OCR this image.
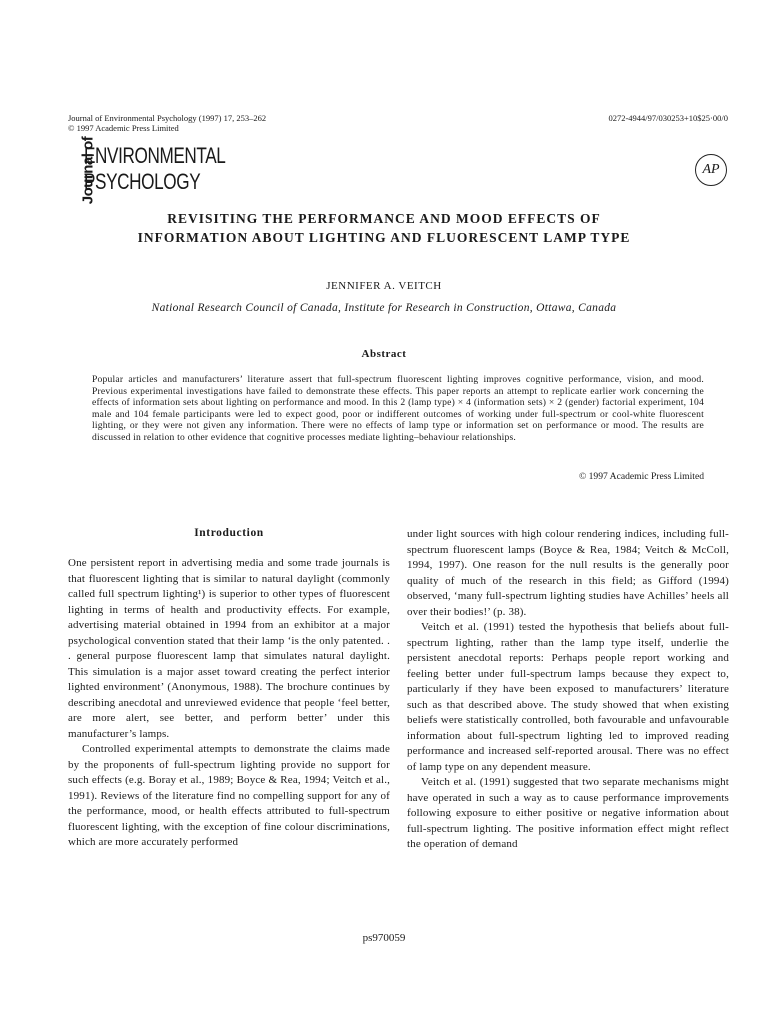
Journal of Environmental Psychology (1997) 17, 253–262
© 1997 Academic Press Limited
0272-4944/97/030253+10$25·00/0
Journal of
ENVIRONMENTAL
PSYCHOLOGY	AP
REVISITING THE PERFORMANCE AND MOOD EFFECTS OF
INFORMATION ABOUT LIGHTING AND FLUORESCENT LAMP TYPE
JENNIFER A. VEITCH
National Research Council of Canada, Institute for Research in Construction, Ottawa, Canada
Abstract
Popular articles and manufacturers’ literature assert that full-spectrum fluorescent lighting improves cognitive performance, vision, and mood. Previous experimental investigations have failed to demonstrate these effects. This paper reports an attempt to replicate earlier work concerning the effects of information sets about lighting on performance and mood. In this 2 (lamp type) × 4 (information sets) × 2 (gender) factorial experiment, 104 male and 104 female participants were led to expect good, poor or indifferent outcomes of working under full-spectrum or cool-white fluorescent lighting, or they were not given any information. There were no effects of lamp type or information set on performance or mood. The results are discussed in relation to other evidence that cognitive processes mediate lighting–behaviour relationships.
© 1997 Academic Press Limited
Introduction

One persistent report in advertising media and some trade journals is that fluorescent lighting that is similar to natural daylight (commonly called full spectrum lighting¹) is superior to other types of fluorescent lighting in terms of health and productivity effects. For example, advertising material obtained in 1994 from an exhibitor at a major psychological convention stated that their lamp ‘is the only patented. . . general purpose fluorescent lamp that simulates natural daylight. This simulation is a major asset toward creating the perfect interior lighted environment’ (Anonymous, 1988). The brochure continues by describing anecdotal and unreviewed evidence that people ‘feel better, are more alert, see better, and perform better’ under this manufacturer’s lamps.

Controlled experimental attempts to demonstrate the claims made by the proponents of full-spectrum lighting provide no support for such effects (e.g. Boray et al., 1989; Boyce & Rea, 1994; Veitch et al., 1991). Reviews of the literature find no compelling support for any of the performance, mood, or health effects attributed to full-spectrum fluorescent lighting, with the exception of fine colour discriminations, which are more accurately performed

under light sources with high colour rendering indices, including full-spectrum fluorescent lamps (Boyce & Rea, 1984; Veitch & McColl, 1994, 1997). One reason for the null results is the generally poor quality of much of the research in this field; as Gifford (1994) observed, ‘many full-spectrum lighting studies have Achilles’ heels all over their bodies!’ (p. 38).

Veitch et al. (1991) tested the hypothesis that beliefs about full-spectrum lighting, rather than the lamp type itself, underlie the persistent anecdotal reports: Perhaps people report working and feeling better under full-spectrum lamps because they expect to, particularly if they have been exposed to manufacturers’ literature such as that described above. The study showed that when existing beliefs were statistically controlled, both favourable and unfavourable information about full-spectrum lighting led to improved reading performance and increased self-reported arousal. There was no effect of lamp type on any dependent measure.

Veitch et al. (1991) suggested that two separate mechanisms might have operated in such a way as to cause performance improvements following exposure to either positive or negative information about full-spectrum lighting. The positive information effect might reflect the operation of demand

ps970059
